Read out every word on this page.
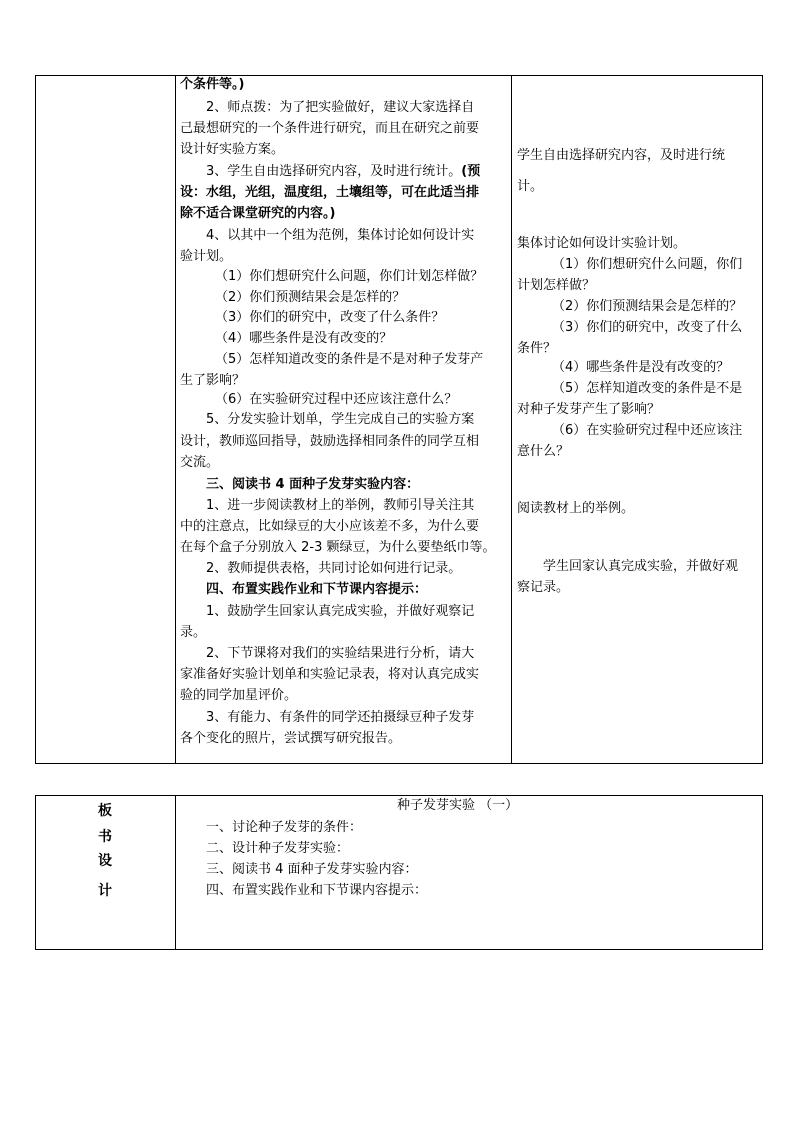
个条件等。)
2、师点拨：为了把实验做好，建议大家选择自
己最想研究的一个条件进行研究，而且在研究之前要
设计好实验方案。
3、学生自由选择研究内容，及时进行统计。(预
设：水组，光组，温度组，土壤组等，可在此适当排
除不适合课堂研究的内容。)
4、以其中一个组为范例，集体讨论如何设计实
验计划。
（1）你们想研究什么问题，你们计划怎样做？
（2）你们预测结果会是怎样的？
（3）你们的研究中，改变了什么条件？
（4）哪些条件是没有改变的？
（5）怎样知道改变的条件是不是对种子发芽产
生了影响？
（6）在实验研究过程中还应该注意什么？
5、分发实验计划单，学生完成自己的实验方案
设计，教师巡回指导，鼓励选择相同条件的同学互相
交流。
三、阅读书 4 面种子发芽实验内容：
1、进一步阅读教材上的举例，教师引导关注其
中的注意点，比如绿豆的大小应该差不多，为什么要
在每个盒子分别放入 2-3 颗绿豆，为什么要垫纸巾等。
2、教师提供表格，共同讨论如何进行记录。
四、布置实践作业和下节课内容提示：
1、鼓励学生回家认真完成实验，并做好观察记
录。
2、下节课将对我们的实验结果进行分析，请大
家准备好实验计划单和实验记录表，将对认真完成实
验的同学加星评价。
3、有能力、有条件的同学还拍摄绿豆种子发芽
各个变化的照片，尝试撰写研究报告。
学生自由选择研究内容，及时进行统
计。
集体讨论如何设计实验计划。
（1）你们想研究什么问题，你们
计划怎样做？
（2）你们预测结果会是怎样的？
（3）你们的研究中，改变了什么
条件？
（4）哪些条件是没有改变的？
（5）怎样知道改变的条件是不是
对种子发芽产生了影响？
（6）在实验研究过程中还应该注
意什么？
阅读教材上的举例。
学生回家认真完成实验，并做好观
察记录。
板
书
设
计
种子发芽实验 （一）
一、讨论种子发芽的条件：
二、设计种子发芽实验：
三、阅读书 4 面种子发芽实验内容：
四、布置实践作业和下节课内容提示：
